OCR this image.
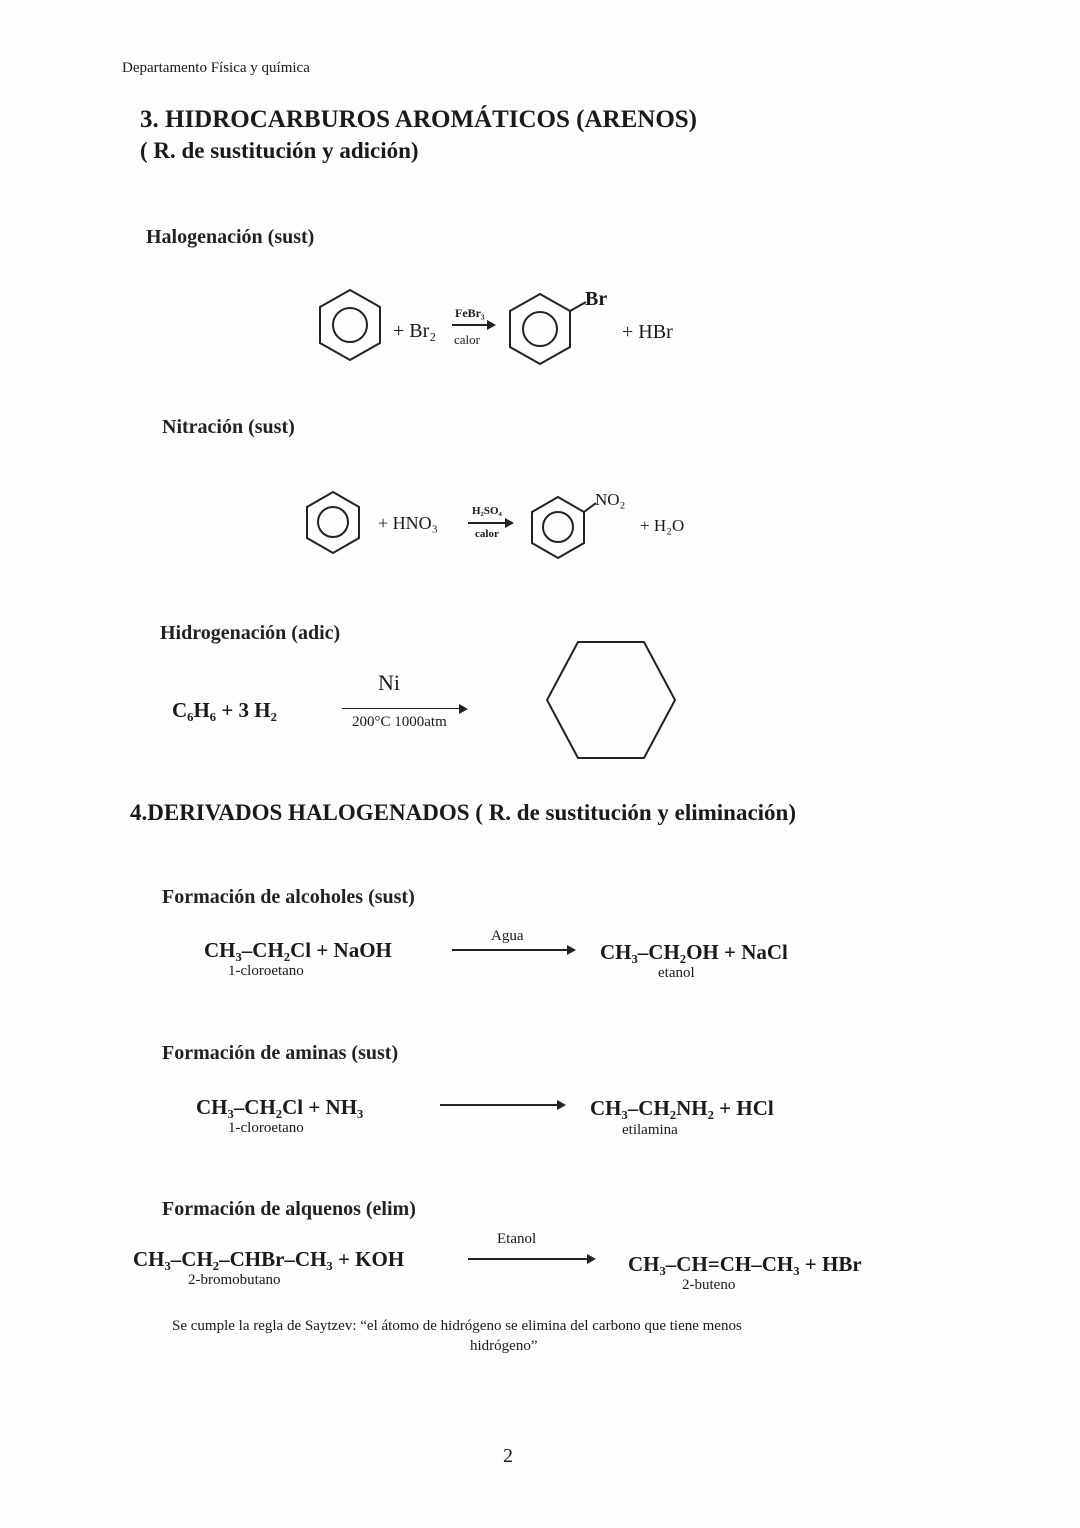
Departamento Física y química
3. HIDROCARBUROS AROMÁTICOS (ARENOS)
( R. de sustitución y adición)
Halogenación (sust)
+ Br₂
FeBr₃
calor
Br
+ HBr
Nitración (sust)
+ HNO₃
H₂SO₄
calor
NO₂
+ H₂O
Hidrogenación (adic)
C₆H₆ + 3 H₂
Ni
200°C 1000atm
4.DERIVADOS HALOGENADOS ( R. de sustitución y eliminación)
Formación de alcoholes (sust)
CH₃–CH₂Cl + NaOH
1-cloroetano
Agua
CH₃–CH₂OH + NaCl
etanol
Formación de aminas (sust)
CH₃–CH₂Cl + NH₃
1-cloroetano
CH₃–CH₂NH₂ + HCl
etilamina
Formación de alquenos (elim)
CH₃–CH₂–CHBr–CH₃ + KOH
2-bromobutano
Etanol
CH₃–CH=CH–CH₃ + HBr
2-buteno
Se cumple la regla de Saytzev: “el átomo de hidrógeno se elimina del carbono que tiene menos
hidrógeno”
2
